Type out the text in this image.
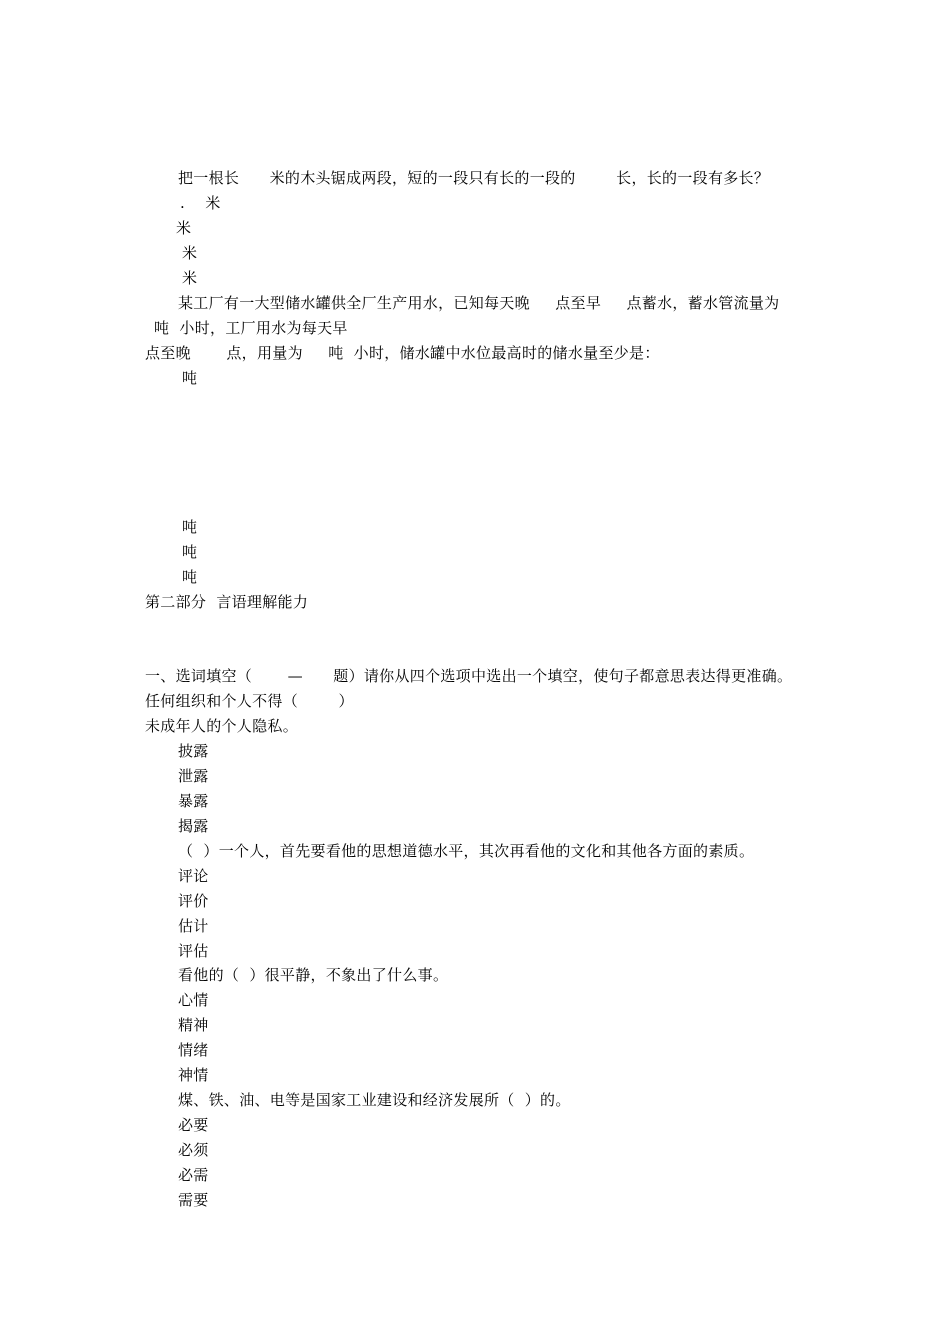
把一根长      米的木头锯成两段，短的一段只有长的一段的        长，长的一段有多长？
.    米
米
米
米
某工厂有一大型储水罐供全厂生产用水，已知每天晚     点至早     点蓄水，蓄水管流量为
吨  小时，工厂用水为每天早
点至晚       点，用量为     吨  小时，储水罐中水位最高时的储水量至少是：
吨
吨
吨
吨
第二部分  言语理解能力
一、选词填空（       —      题）请你从四个选项中选出一个填空，使句子都意思表达得更准确。
任何组织和个人不得（        ）
未成年人的个人隐私。
披露
泄露
暴露
揭露
（  ）一个人，首先要看他的思想道德水平，其次再看他的文化和其他各方面的素质。
评论
评价
估计
评估
看他的（  ）很平静，不象出了什么事。
心情
精神
情绪
神情
煤、铁、油、电等是国家工业建设和经济发展所（  ）的。
必要
必须
必需
需要
